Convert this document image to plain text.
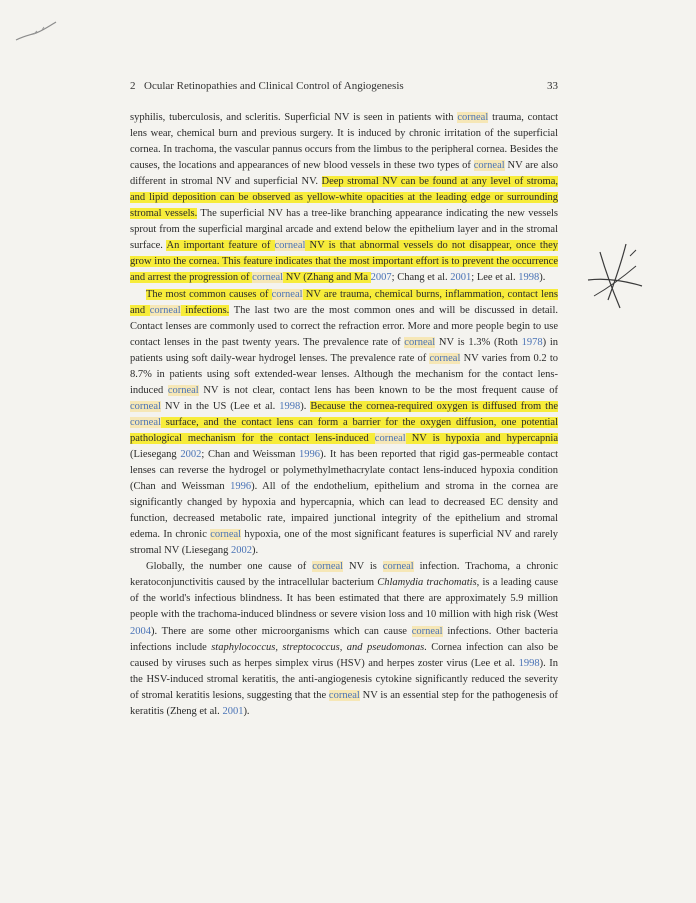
2 Ocular Retinopathies and Clinical Control of Angiogenesis	33

syphilis, tuberculosis, and scleritis. Superficial NV is seen in patients with corneal trauma, contact lens wear, chemical burn and previous surgery. It is induced by chronic irritation of the superficial cornea. In trachoma, the vascular pannus occurs from the limbus to the peripheral cornea. Besides the causes, the locations and appearances of new blood vessels in these two types of corneal NV are also different in stromal NV and superficial NV. Deep stromal NV can be found at any level of stroma, and lipid deposition can be observed as yellow-white opacities at the leading edge or surrounding stromal vessels. The superficial NV has a tree-like branching appearance indicating the new vessels sprout from the superficial marginal arcade and extend below the epithelium layer and in the stromal surface. An important feature of corneal NV is that abnormal vessels do not disappear, once they grow into the cornea. This feature indicates that the most important effort is to prevent the occurrence and arrest the progression of corneal NV (Zhang and Ma 2007; Chang et al. 2001; Lee et al. 1998).

The most common causes of corneal NV are trauma, chemical burns, inflammation, contact lens and corneal infections. The last two are the most common ones and will be discussed in detail. Contact lenses are commonly used to correct the refraction error. More and more people begin to use contact lenses in the past twenty years. The prevalence rate of corneal NV is 1.3% (Roth 1978) in patients using soft daily-wear hydrogel lenses. The prevalence rate of corneal NV varies from 0.2 to 8.7% in patients using soft extended-wear lenses. Although the mechanism for the contact lens-induced corneal NV is not clear, contact lens has been known to be the most frequent cause of corneal NV in the US (Lee et al. 1998). Because the cornea-required oxygen is diffused from the corneal surface, and the contact lens can form a barrier for the oxygen diffusion, one potential pathological mechanism for the contact lens-induced corneal NV is hypoxia and hypercapnia (Liesegang 2002; Chan and Weissman 1996). It has been reported that rigid gas-permeable contact lenses can reverse the hydrogel or polymethylmethacrylate contact lens-induced hypoxia condition (Chan and Weissman 1996). All of the endothelium, epithelium and stroma in the cornea are significantly changed by hypoxia and hypercapnia, which can lead to decreased EC density and function, decreased metabolic rate, impaired junctional integrity of the epithelium and stromal edema. In chronic corneal hypoxia, one of the most significant features is superficial NV and rarely stromal NV (Liesegang 2002).

Globally, the number one cause of corneal NV is corneal infection. Trachoma, a chronic keratoconjunctivitis caused by the intracellular bacterium Chlamydia trachomatis, is a leading cause of the world's infectious blindness. It has been estimated that there are approximately 5.9 million people with the trachoma-induced blindness or severe vision loss and 10 million with high risk (West 2004). There are some other microorganisms which can cause corneal infections. Other bacteria infections include staphylococcus, streptococcus, and pseudomonas. Cornea infection can also be caused by viruses such as herpes simplex virus (HSV) and herpes zoster virus (Lee et al. 1998). In the HSV-induced stromal keratitis, the anti-angiogenesis cytokine significantly reduced the severity of stromal keratitis lesions, suggesting that the corneal NV is an essential step for the pathogenesis of keratitis (Zheng et al. 2001).
